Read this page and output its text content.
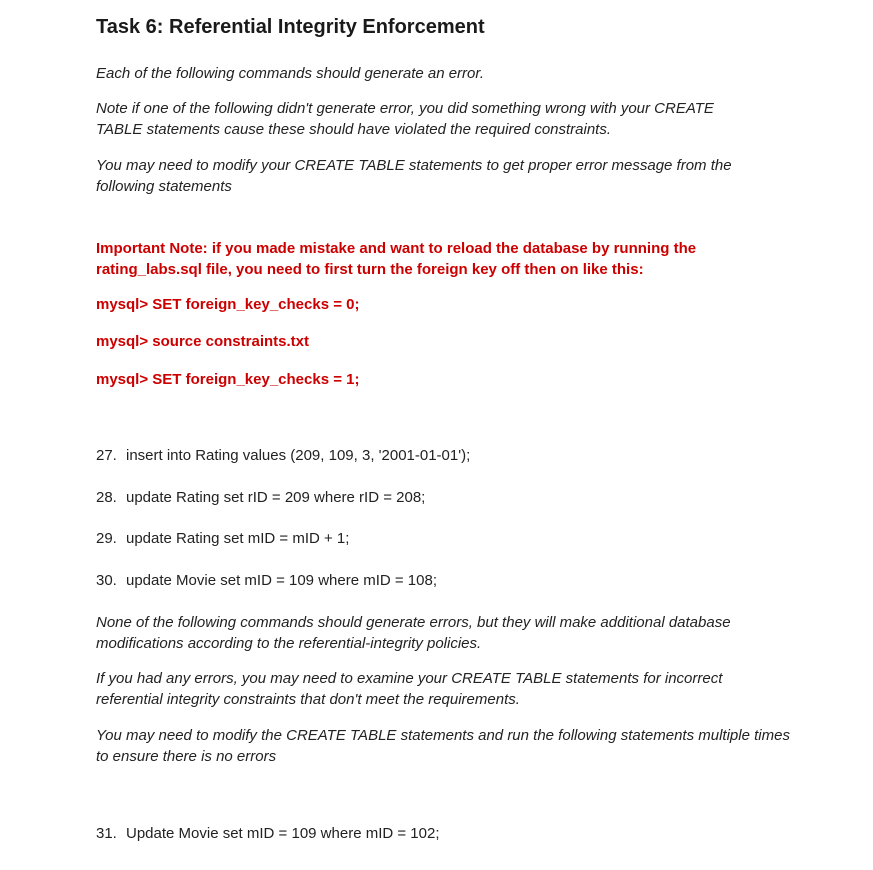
Task 6: Referential Integrity Enforcement

Each of the following commands should generate an error.

Note if one of the following didn't generate error, you did something wrong with your CREATE TABLE statements cause these should have violated the required constraints.

You may need to modify your CREATE TABLE statements to get proper error message from the following statements

Important Note: if you made mistake and want to reload the database by running the rating_labs.sql file, you need to first turn the foreign key off then on like this:

mysql> SET foreign_key_checks = 0;

mysql> source constraints.txt

mysql> SET foreign_key_checks = 1;

27. insert into Rating values (209, 109, 3, '2001-01-01');

28. update Rating set rID = 209 where rID = 208;

29. update Rating set mID = mID + 1;

30. update Movie set mID = 109 where mID = 108;

None of the following commands should generate errors, but they will make additional database modifications according to the referential-integrity policies.

If you had any errors, you may need to examine your CREATE TABLE statements for incorrect referential integrity constraints that don't meet the requirements.

You may need to modify the CREATE TABLE statements and run the following statements multiple times to ensure there is no errors

31. Update Movie set mID = 109 where mID = 102;
